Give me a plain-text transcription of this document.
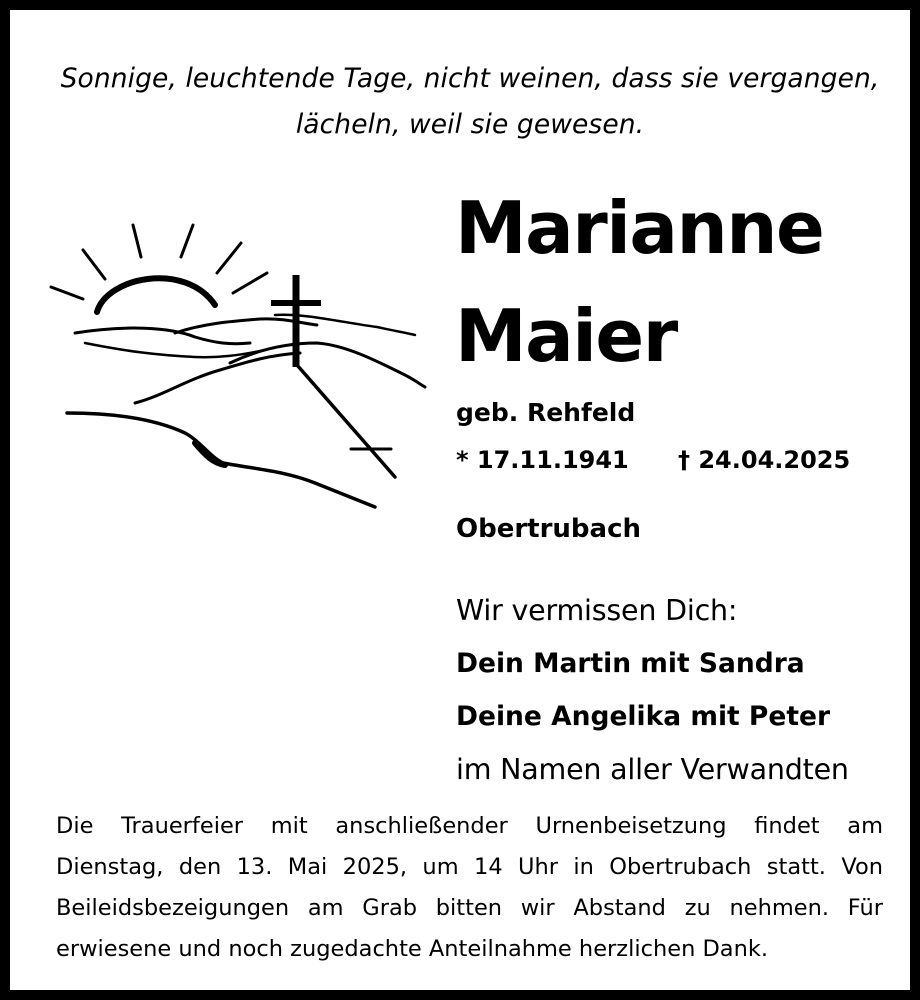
Sonnige, leuchtende Tage, nicht weinen, dass sie vergangen,
lächeln, weil sie gewesen.
Marianne
Maier
geb. Rehfeld
* 17.11.1941 † 24.04.2025
Obertrubach
Wir vermissen Dich:
Dein Martin mit Sandra
Deine Angelika mit Peter
im Namen aller Verwandten
Die Trauerfeier mit anschließender Urnenbeisetzung findet am
Dienstag, den 13. Mai 2025, um 14 Uhr in Obertrubach statt. Von
Beileidsbezeigungen am Grab bitten wir Abstand zu nehmen. Für
erwiesene und noch zugedachte Anteilnahme herzlichen Dank.
